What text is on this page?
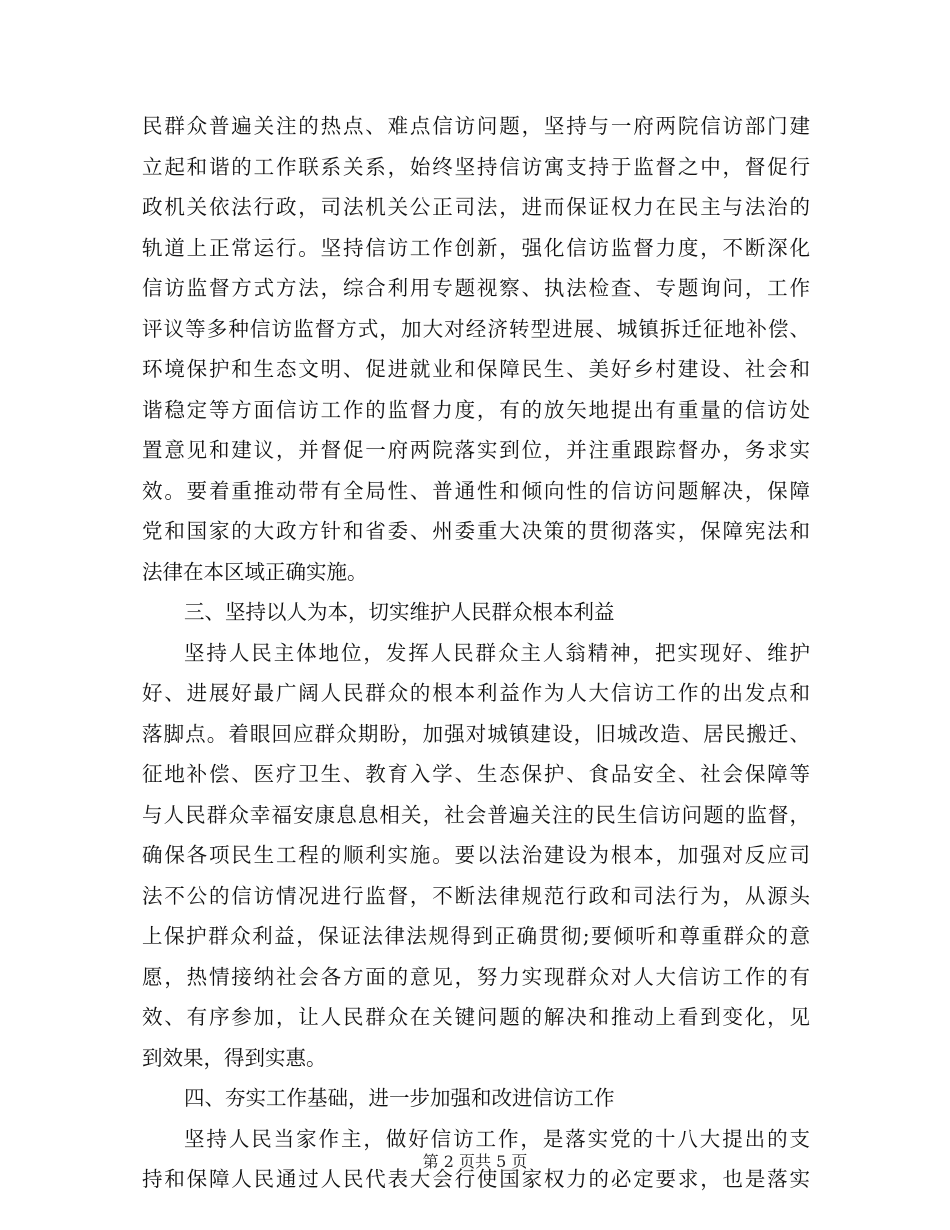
民群众普遍关注的热点、难点信访问题，坚持与一府两院信访部门建
立起和谐的工作联系关系，始终坚持信访寓支持于监督之中，督促行
政机关依法行政，司法机关公正司法，进而保证权力在民主与法治的
轨道上正常运行。坚持信访工作创新，强化信访监督力度，不断深化
信访监督方式方法，综合利用专题视察、执法检查、专题询问，工作
评议等多种信访监督方式，加大对经济转型进展、城镇拆迁征地补偿、
环境保护和生态文明、促进就业和保障民生、美好乡村建设、社会和
谐稳定等方面信访工作的监督力度，有的放矢地提出有重量的信访处
置意见和建议，并督促一府两院落实到位，并注重跟踪督办，务求实
效。要着重推动带有全局性、普通性和倾向性的信访问题解决，保障
党和国家的大政方针和省委、州委重大决策的贯彻落实，保障宪法和
法律在本区域正确实施。
三、坚持以人为本，切实维护人民群众根本利益
坚持人民主体地位，发挥人民群众主人翁精神，把实现好、维护
好、进展好最广阔人民群众的根本利益作为人大信访工作的出发点和
落脚点。着眼回应群众期盼，加强对城镇建设，旧城改造、居民搬迁、
征地补偿、医疗卫生、教育入学、生态保护、食品安全、社会保障等
与人民群众幸福安康息息相关，社会普遍关注的民生信访问题的监督，
确保各项民生工程的顺利实施。要以法治建设为根本，加强对反应司
法不公的信访情况进行监督，不断法律规范行政和司法行为，从源头
上保护群众利益，保证法律法规得到正确贯彻;要倾听和尊重群众的意
愿，热情接纳社会各方面的意见，努力实现群众对人大信访工作的有
效、有序参加，让人民群众在关键问题的解决和推动上看到变化，见
到效果，得到实惠。
四、夯实工作基础，进一步加强和改进信访工作
坚持人民当家作主，做好信访工作，是落实党的十八大提出的支
持和保障人民通过人民代表大会行使国家权力的必定要求，也是落实
第 2 页共 5 页
